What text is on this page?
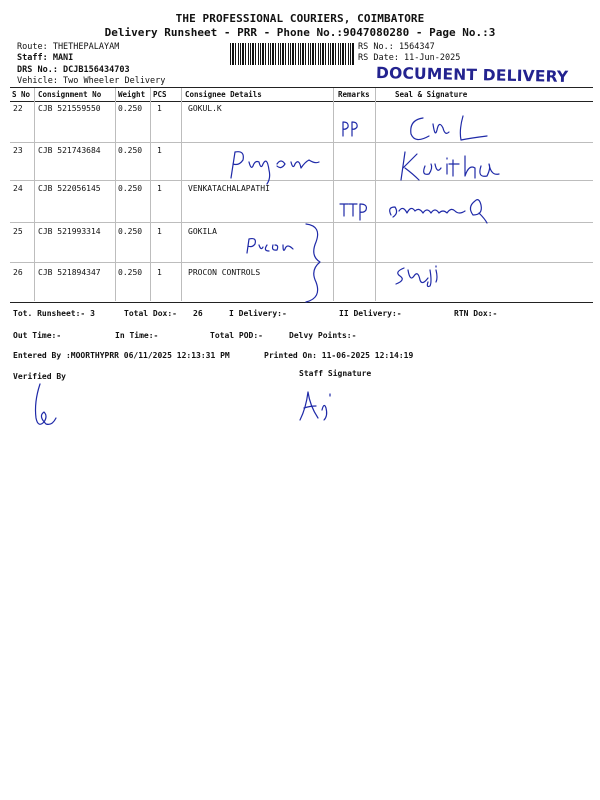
THE PROFESSIONAL COURIERS, COIMBATORE
Delivery Runsheet - PRR - Phone No.:9047080280 - Page No.:3
Route: THETHEPALAYAM
Staff: MANI
DRS No.: DCJB156434703
Vehicle: Two Wheeler Delivery
RS No.: 1564347
RS Date: 11-Jun-2025
DOCUMENT DELIVERY
S No Consignment No Weight PCS Consignee Details	Remarks	Seal & Signature
22 CJB 521559550 0.250 1	GOKUL.K
23 CJB 521743684 0.250 1
24 CJB 522056145 0.250 1	VENKATACHALAPATHI
25 CJB 521993314 0.250 1	GOKILA
26 CJB 521894347 0.250 1	PROCON CONTROLS
Tot. Runsheet:- 3	Total Dox:- 26	I Delivery:-	II Delivery:-	RTN Dox:-
Out Time:-	In Time:-	Total POD:-	Delvy Points:-
Entered By :MOORTHYPRR 06/11/2025 12:13:31 PM	Printed On: 11-06-2025 12:14:19
Verified By	Staff Signature
